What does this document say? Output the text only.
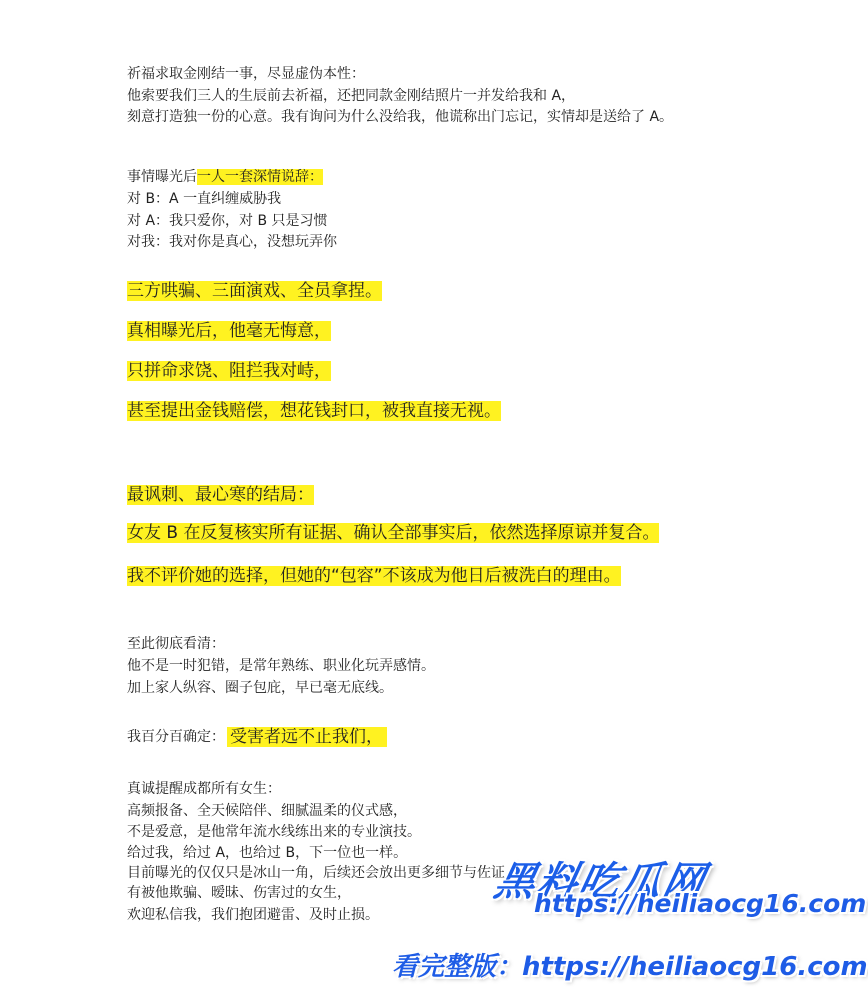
祈福求取金刚结一事，尽显虚伪本性：
他索要我们三人的生辰前去祈福，还把同款金刚结照片一并发给我和 A，
刻意打造独一份的心意。我有询问为什么没给我，他谎称出门忘记，实情却是送给了 A。
事情曝光后一人一套深情说辞：
对 B：A 一直纠缠威胁我
对 A：我只爱你，对 B 只是习惯
对我：我对你是真心，没想玩弄你
三方哄骗、三面演戏、全员拿捏。
真相曝光后，他毫无悔意，
只拼命求饶、阻拦我对峙，
甚至提出金钱赔偿，想花钱封口，被我直接无视。
最讽刺、最心寒的结局：
女友 B 在反复核实所有证据、确认全部事实后，依然选择原谅并复合。
我不评价她的选择，但她的“包容”不该成为他日后被洗白的理由。
至此彻底看清：
他不是一时犯错，是常年熟练、职业化玩弄感情。
加上家人纵容、圈子包庇，早已毫无底线。
我百分百确定： 受害者远不止我们，
真诚提醒成都所有女生：
高频报备、全天候陪伴、细腻温柔的仪式感，
不是爱意，是他常年流水线练出来的专业演技。
给过我，给过 A，也给过 B，下一位也一样。
目前曝光的仅仅只是冰山一角，后续还会放出更多细节与佐证
有被他欺骗、暧昧、伤害过的女生，
欢迎私信我，我们抱团避雷、及时止损。
黑料吃瓜网
https://heiliaocg16.com
看完整版：https://heiliaocg16.com
